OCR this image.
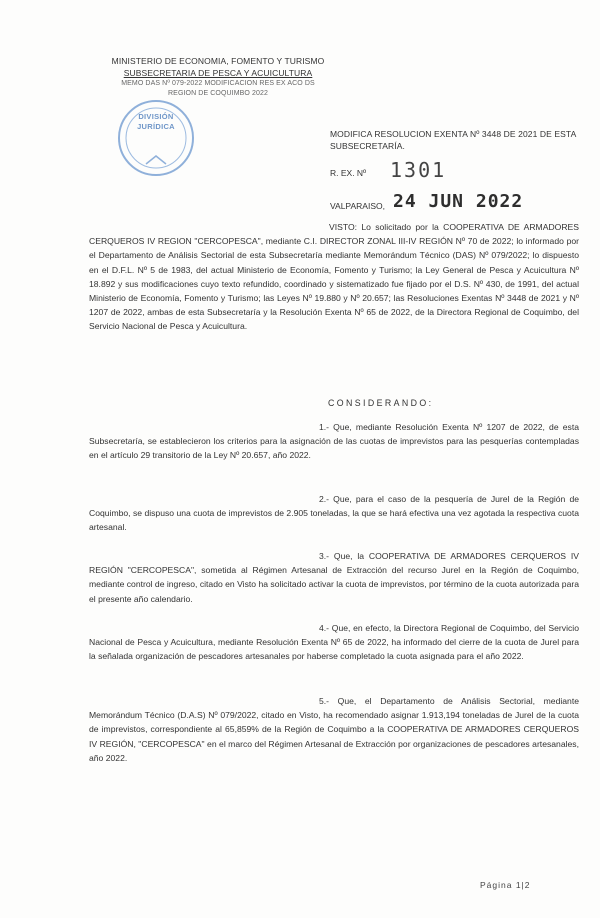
MINISTERIO DE ECONOMIA, FOMENTO Y TURISMO
SUBSECRETARIA DE PESCA Y ACUICULTURA
MEMO DAS Nº 079-2022 MODIFICACION RES EX ACO DS
REGION DE COQUIMBO 2022
DIVISIÓN
JURÍDICA
MODIFICA RESOLUCION EXENTA Nº 3448 DE 2021 DE ESTA SUBSECRETARÍA.
R. EX. Nº 1301
VALPARAISO, 24 JUN 2022

VISTO: Lo solicitado por la COOPERATIVA DE ARMADORES CERQUEROS IV REGION "CERCOPESCA", mediante C.I. DIRECTOR ZONAL III-IV REGIÓN Nº 70 de 2022; lo informado por el Departamento de Análisis Sectorial de esta Subsecretaría mediante Memorándum Técnico (DAS) Nº 079/2022; lo dispuesto en el D.F.L. Nº 5 de 1983, del actual Ministerio de Economía, Fomento y Turismo; la Ley General de Pesca y Acuicultura Nº 18.892 y sus modificaciones cuyo texto refundido, coordinado y sistematizado fue fijado por el D.S. Nº 430, de 1991, del actual Ministerio de Economía, Fomento y Turismo; las Leyes Nº 19.880 y Nº 20.657; las Resoluciones Exentas Nº 3448 de 2021 y Nº 1207 de 2022, ambas de esta Subsecretaría y la Resolución Exenta Nº 65 de 2022, de la Directora Regional de Coquimbo, del Servicio Nacional de Pesca y Acuicultura.

CONSIDERANDO:

1.- Que, mediante Resolución Exenta Nº 1207 de 2022, de esta Subsecretaría, se establecieron los criterios para la asignación de las cuotas de imprevistos para las pesquerías contempladas en el artículo 29 transitorio de la Ley Nº 20.657, año 2022.

2.- Que, para el caso de la pesquería de Jurel de la Región de Coquimbo, se dispuso una cuota de imprevistos de 2.905 toneladas, la que se hará efectiva una vez agotada la respectiva cuota artesanal.

3.- Que, la COOPERATIVA DE ARMADORES CERQUEROS IV REGIÓN "CERCOPESCA", sometida al Régimen Artesanal de Extracción del recurso Jurel en la Región de Coquimbo, mediante control de ingreso, citado en Visto ha solicitado activar la cuota de imprevistos, por término de la cuota autorizada para el presente año calendario.

4.- Que, en efecto, la Directora Regional de Coquimbo, del Servicio Nacional de Pesca y Acuicultura, mediante Resolución Exenta Nº 65 de 2022, ha informado del cierre de la cuota de Jurel para la señalada organización de pescadores artesanales por haberse completado la cuota asignada para el año 2022.

5.- Que, el Departamento de Análisis Sectorial, mediante Memorándum Técnico (D.A.S) Nº 079/2022, citado en Visto, ha recomendado asignar 1.913,194 toneladas de Jurel de la cuota de imprevistos, correspondiente al 65,859% de la Región de Coquimbo a la COOPERATIVA DE ARMADORES CERQUEROS IV REGIÓN, "CERCOPESCA" en el marco del Régimen Artesanal de Extracción por organizaciones de pescadores artesanales, año 2022.

Página 1|2
